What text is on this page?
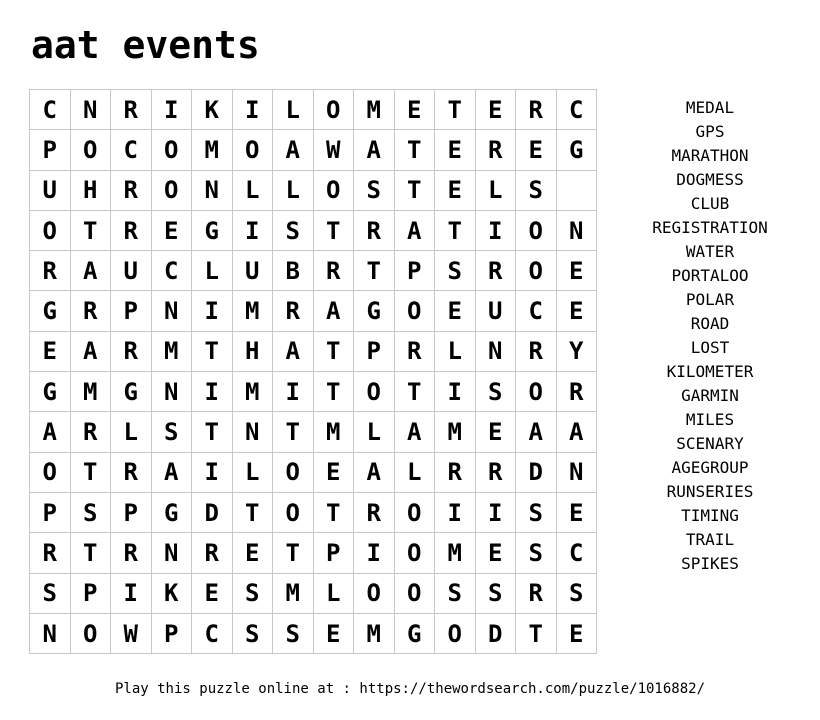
aat events
C	N	R	I	K	I	L	O	M	E	T	E	R	C
P	O	C	O	M	O	A	W	A	T	E	R	E	G
U	H	R	O	N	L	L	O	S	T	E	L	S	
O	T	R	E	G	I	S	T	R	A	T	I	O	N
R	A	U	C	L	U	B	R	T	P	S	R	O	E
G	R	P	N	I	M	R	A	G	O	E	U	C	E
E	A	R	M	T	H	A	T	P	R	L	N	R	Y
G	M	G	N	I	M	I	T	O	T	I	S	O	R
A	R	L	S	T	N	T	M	L	A	M	E	A	A
O	T	R	A	I	L	O	E	A	L	R	R	D	N
P	S	P	G	D	T	O	T	R	O	I	I	S	E
R	T	R	N	R	E	T	P	I	O	M	E	S	C
S	P	I	K	E	S	M	L	O	O	S	S	R	S
N	O	W	P	C	S	S	E	M	G	O	D	T	E
MEDAL
GPS
MARATHON
DOGMESS
CLUB
REGISTRATION
WATER
PORTALOO
POLAR
ROAD
LOST
KILOMETER
GARMIN
MILES
SCENARY
AGEGROUP
RUNSERIES
TIMING
TRAIL
SPIKES
Play this puzzle online at : https://thewordsearch.com/puzzle/1016882/
